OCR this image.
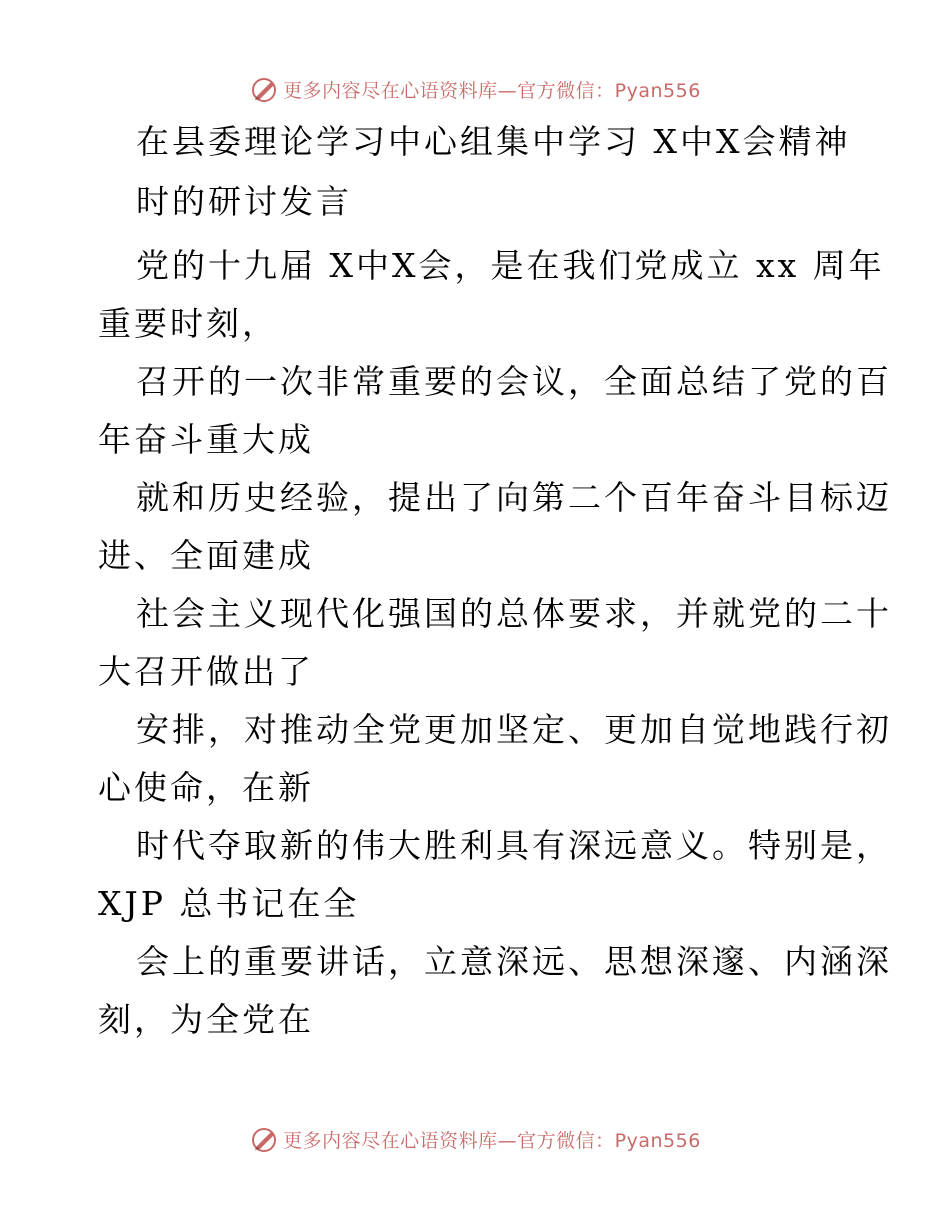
更多内容尽在心语资料库—官方微信：Pyan556
在县委理论学习中心组集中学习 X中X会精神
时的研讨发言
党的十九届 X中X会，是在我们党成立 xx 周年
重要时刻，
召开的一次非常重要的会议，全面总结了党的百
年奋斗重大成
就和历史经验，提出了向第二个百年奋斗目标迈
进、全面建成
社会主义现代化强国的总体要求，并就党的二十
大召开做出了
安排，对推动全党更加坚定、更加自觉地践行初
心使命，在新
时代夺取新的伟大胜利具有深远意义。特别是，
XJP 总书记在全
会上的重要讲话，立意深远、思想深邃、内涵深
刻，为全党在
更多内容尽在心语资料库—官方微信：Pyan556
